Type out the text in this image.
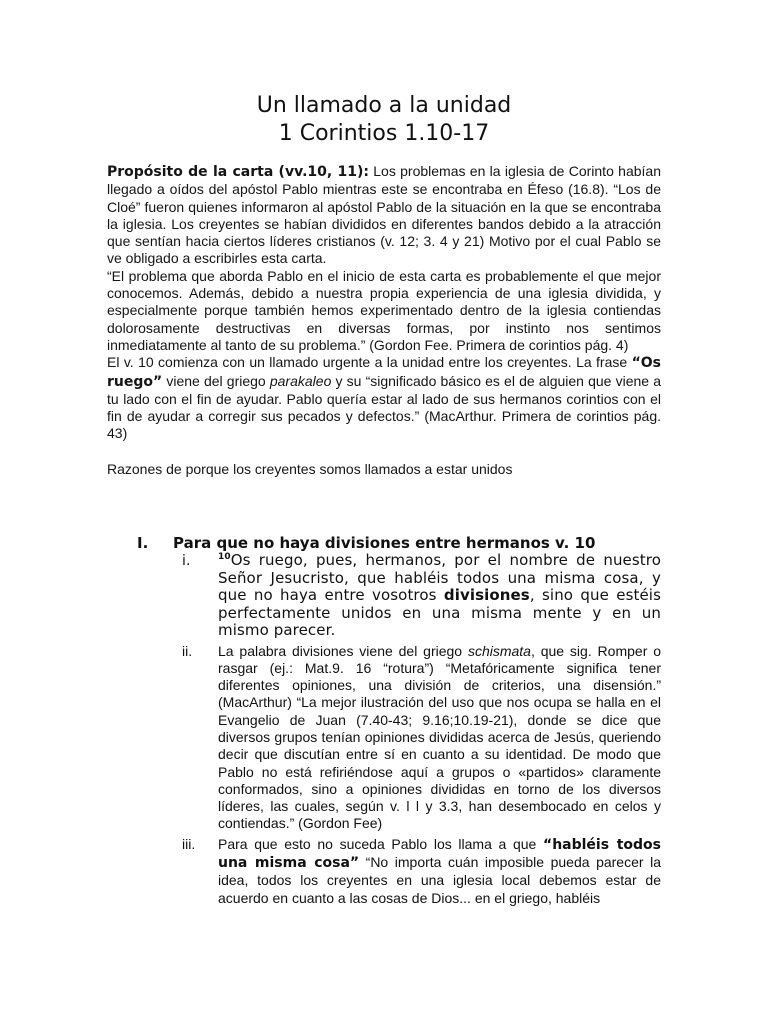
Un llamado a la unidad
1 Corintios 1.10-17

Propósito de la carta (vv.10, 11): Los problemas en la iglesia de Corinto habían llegado a oídos del apóstol Pablo mientras este se encontraba en Éfeso (16.8). “Los de Cloé” fueron quienes informaron al apóstol Pablo de la situación en la que se encontraba la iglesia. Los creyentes se habían divididos en diferentes bandos debido a la atracción que sentían hacia ciertos líderes cristianos (v. 12; 3. 4 y 21) Motivo por el cual Pablo se ve obligado a escribirles esta carta.

“El problema que aborda Pablo en el inicio de esta carta es probablemente el que mejor conocemos. Además, debido a nuestra propia experiencia de una iglesia dividida, y especialmente porque también hemos experimentado dentro de la iglesia contiendas dolorosamente destructivas en diversas formas, por instinto nos sentimos inmediatamente al tanto de su problema.” (Gordon Fee. Primera de corintios pág. 4)

El v. 10 comienza con un llamado urgente a la unidad entre los creyentes. La frase “Os ruego” viene del griego parakaleo y su “significado básico es el de alguien que viene a tu lado con el fin de ayudar. Pablo quería estar al lado de sus hermanos corintios con el fin de ayudar a corregir sus pecados y defectos.” (MacArthur. Primera de corintios pág. 43)

Razones de porque los creyentes somos llamados a estar unidos

I. Para que no haya divisiones entre hermanos v. 10
i.	$^{10}$Os ruego, pues, hermanos, por el nombre de nuestro Señor Jesucristo, que habléis todos una misma cosa, y que no haya entre vosotros divisiones, sino que estéis perfectamente unidos en una misma mente y en un mismo parecer.
ii.	La palabra divisiones viene del griego schismata, que sig. Romper o rasgar (ej.: Mat.9. 16 “rotura”) “Metafóricamente significa tener diferentes opiniones, una división de criterios, una disensión.” (MacArthur) “La mejor ilustración del uso que nos ocupa se halla en el Evangelio de Juan (7.40-43; 9.16;10.19-21), donde se dice que diversos grupos tenían opiniones divididas acerca de Jesús, queriendo decir que discutían entre sí en cuanto a su identidad. De modo que Pablo no está refiriéndose aquí a grupos o «partidos» claramente conformados, sino a opiniones divididas en torno de los diversos líderes, las cuales, según v. l l y 3.3, han desembocado en celos y contiendas.” (Gordon Fee)
iii.	Para que esto no suceda Pablo los llama a que “habléis todos una misma cosa” “No importa cuán imposible pueda parecer la idea, todos los creyentes en una iglesia local debemos estar de acuerdo en cuanto a las cosas de Dios... en el griego, habléis
